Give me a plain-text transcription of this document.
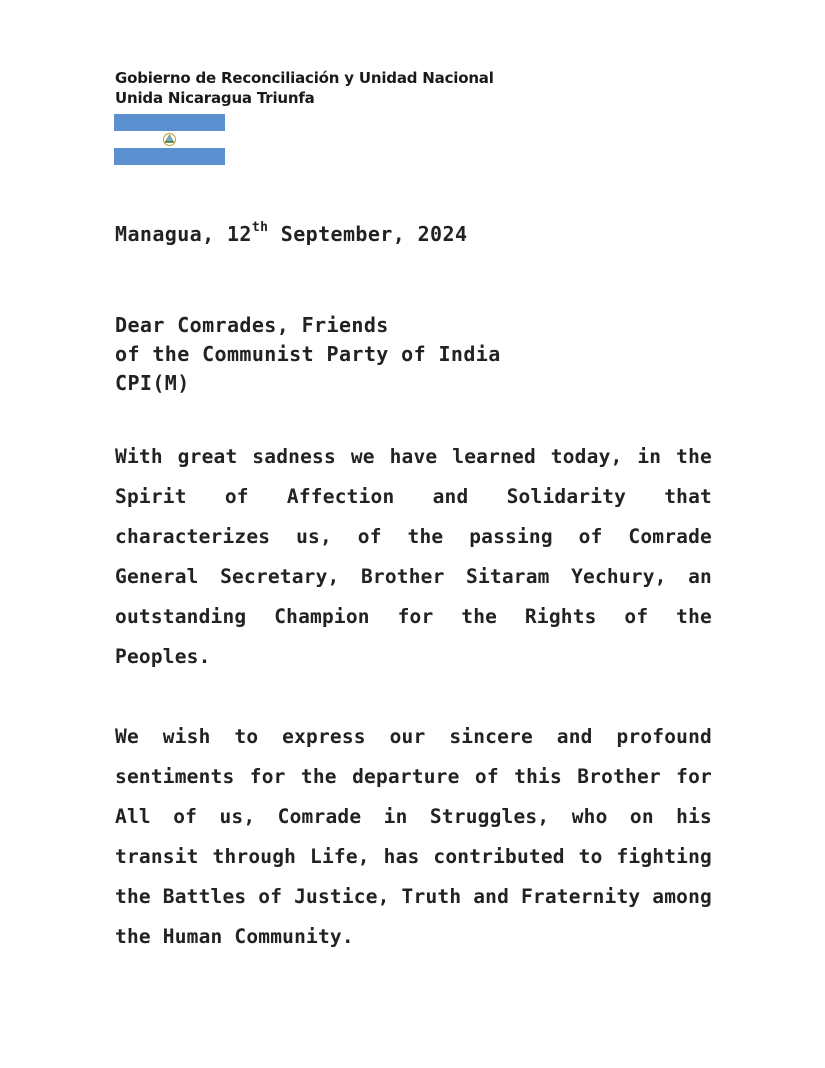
Gobierno de Reconciliación y Unidad Nacional
Unida Nicaragua Triunfa
Managua, 12th September, 2024
Dear Comrades, Friends
of the Communist Party of India
CPI(M)
With great sadness we have learned today, in the Spirit of Affection and Solidarity that characterizes us, of the passing of Comrade General Secretary, Brother Sitaram Yechury, an outstanding Champion for the Rights of the Peoples.
We wish to express our sincere and profound sentiments for the departure of this Brother for All of us, Comrade in Struggles, who on his transit through Life, has contributed to fighting the Battles of Justice, Truth and Fraternity among the Human Community.
